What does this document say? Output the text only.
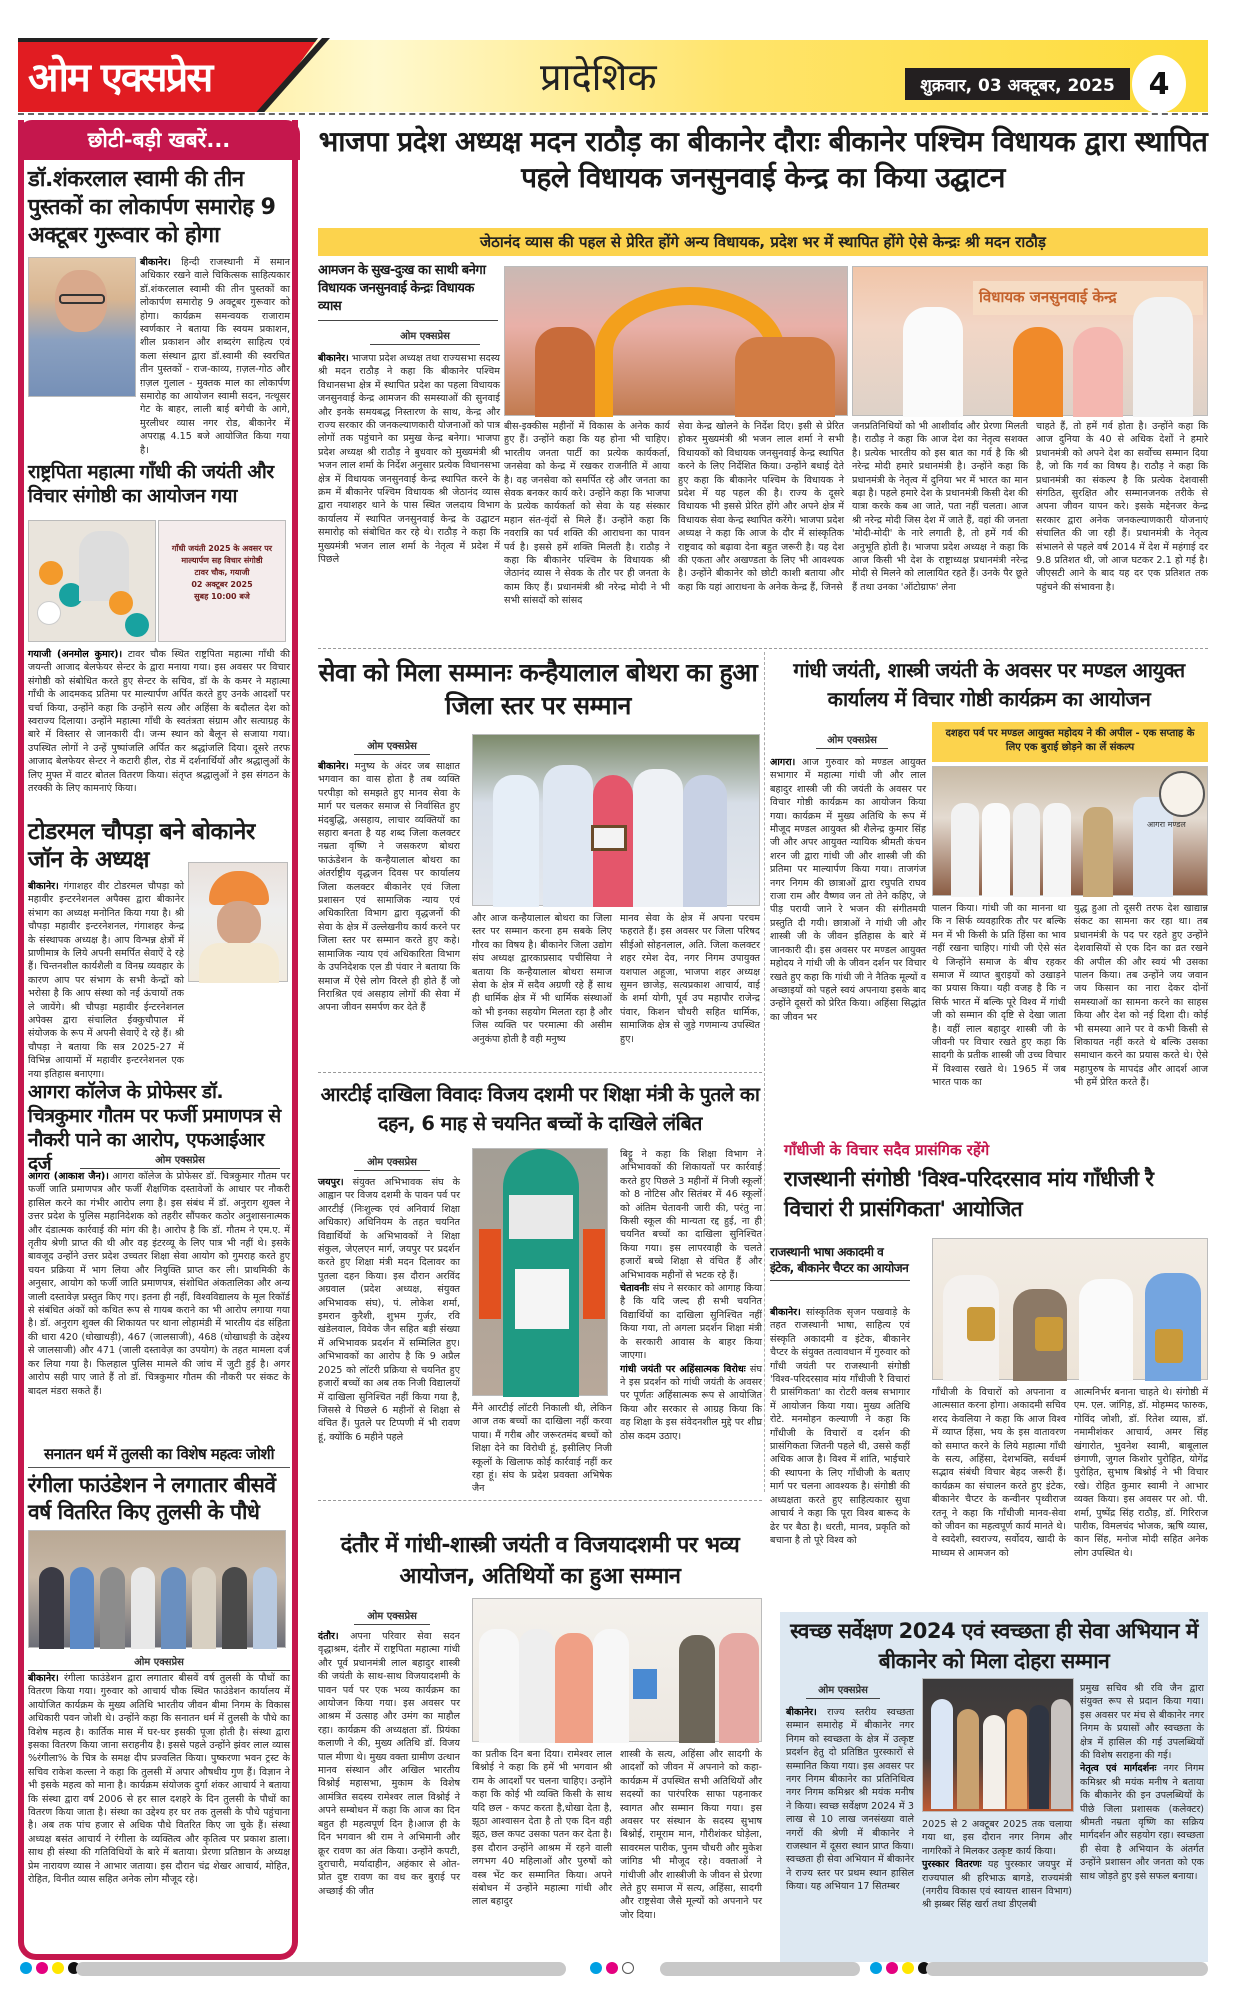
ओम एक्सप्रेस	प्रादेशिक	शुक्रवार, 03 अक्टूबर, 2025	4
छोटी-बड़ी खबरें...
डॉ.शंकरलाल स्वामी की तीन पुस्तकों का लोकार्पण समारोह 9 अक्टूबर गुरूवार को होगा
बीकानेर। हिन्दी राजस्थानी में समान अधिकार रखने वाले चिकित्सक साहित्यकार डॉ.शंकरलाल स्वामी की तीन पुस्तकों का लोकार्पण समारोह 9 अक्टूबर गुरूवार को होगा। कार्यक्रम समन्वयक राजाराम स्वर्णकार ने बताया कि स्वयम प्रकाशन, शील प्रकाशन और शब्दरंग साहित्य एवं कला संस्थान द्वारा डॉ.स्वामी की स्वरचित तीन पुस्तकों - राज-काव्य, ग़ज़ल-गोठ और ग़ज़ल गुलाल - मुक्तक माल का लोकार्पण समारोह का आयोजन स्वामी सदन, नत्थूसर गेट के बाहर, लाली बाई बगेची के आगे, मुरलीधर व्यास नगर रोड, बीकानेर में अपराह्न 4.15 बजे आयोजित किया गया है।
राष्ट्रपिता महात्मा गाँधी की जयंती और विचार संगोष्ठी का आयोजन गया
गाँधी जयंती 2025 के अवसर पर
माल्यार्पण सह विचार संगोष्ठी
टावर चौक, गयाजी
02 अक्टूबर 2025
सुबह 10:00 बजे
गयाजी (अनमोल कुमार)। टावर चौक स्थित राष्ट्रपिता महात्मा गाँधी की जयन्ती आजाद बेलफेयर सेन्टर के द्वारा मनाया गया। इस अवसर पर विचार संगोष्ठी को संबोधित करते हुए सेन्टर के सचिव, डॉ के के कमर ने महात्मा गाँधी के आदमकद प्रतिमा पर माल्यार्पण अर्पित करते हुए उनके आदर्शों पर चर्चा किया, उन्होंने कहा कि उन्होंने सत्य और अहिंसा के बदौलत देश को स्वराज्य दिलाया। उन्होंने महात्मा गाँधी के स्वतंत्रता संग्राम और सत्याग्रह के बारे में विस्तार से जानकारी दी। जन्म स्थान को बैलून से सजाया गया। उपस्थित लोगों ने उन्हें पुष्पांजलि अर्पित कर श्रद्धांजलि दिया। दूसरे तरफ आजाद बेलफेयर सेन्टर ने कटारी हील, रोड में दर्शनार्थियों और श्रद्धालुओं के लिए मुफ्त में वाटर बोतल वितरण किया। संतृप्त श्रद्धालुओं ने इस संगठन के तरक्की के लिए कामनाएं किया।
टोडरमल चौपड़ा बने बोकानेर जॉन के अध्यक्ष
बीकानेर। गंगाशहर वीर टोडरमल चौपड़ा को महावीर इन्टरनेशनल अपैक्स द्वारा बीकानेर संभाग का अध्यक्ष मनोनित किया गया है। श्री चौपड़ा महावीर इन्टरनेशनल, गंगाशहर केन्द्र के संस्थापक अध्यक्ष है। आप विन्भन्न क्षेत्रों में प्राणीमात्र के लिये अपनी समर्पित सेवाऐं दे रहे हैं। चिन्तनशील कार्यशैली व विनम्र व्यवहार के कारण आप पर संभाग के सभी केन्द्रों को भरोसा है कि आप संस्था को नई ऊंचायों तक ले जायेंगे। श्री चौपड़ा महावीर ईन्टरनेशनल अपेक्स द्वारा संचालित ईक्कुचौपाल में संयोजक के रूप में अपनी सेवाऐं दे रहे हैं। श्री चौपड़ा ने बताया कि सत्र 2025-27 में विभिन्न आयामों में महावीर इन्टरनेशनल एक नया इतिहास बनाएगा।
आगरा कॉलेज के प्रोफेसर डॉ. चित्रकुमार गौतम पर फर्जी प्रमाणपत्र से नौकरी पाने का आरोप, एफआईआर दर्ज	ओम एक्सप्रेस
आगरा (आकाश जैन)। आगरा कॉलेज के प्रोफेसर डॉ. चित्रकुमार गौतम पर फर्जी जाति प्रमाणपत्र और फर्जी शैक्षणिक दस्तावेजों के आधार पर नौकरी हासिल करने का गंभीर आरोप लगा है। इस संबंध में डॉ. अनुराग शुक्ल ने उत्तर प्रदेश के पुलिस महानिदेशक को तहरीर सौंपकर कठोर अनुशासनात्मक और दंडात्मक कार्रवाई की मांग की है। आरोप है कि डॉ. गौतम ने एम.ए. में तृतीय श्रेणी प्राप्त की थी और वह इंटरव्यू के लिए पात्र भी नहीं थे। इसके बावजूद उन्होंने उत्तर प्रदेश उच्चतर शिक्षा सेवा आयोग को गुमराह करते हुए चयन प्रक्रिया में भाग लिया और नियुक्ति प्राप्त कर ली। प्राथमिकी के अनुसार, आयोग को फर्जी जाति प्रमाणपत्र, संशोधित अंकतालिका और अन्य जाली दस्तावेज़ प्रस्तुत किए गए। इतना ही नहीं, विश्वविद्यालय के मूल रिकॉर्ड से संबंधित अंकों को कथित रूप से गायब कराने का भी आरोप लगाया गया है। डॉ. अनुराग शुक्ल की शिकायत पर थाना लोहामंडी में भारतीय दंड संहिता की धारा 420 (धोखाधड़ी), 467 (जालसाजी), 468 (धोखाधड़ी के उद्देश्य से जालसाजी) और 471 (जाली दस्तावेज़ का उपयोग) के तहत मामला दर्ज कर लिया गया है। फिलहाल पुलिस मामले की जांच में जुटी हुई है। अगर आरोप सही पाए जाते हैं तो डॉ. चित्रकुमार गौतम की नौकरी पर संकट के बादल मंडरा सकते हैं।
सनातन धर्म में तुलसी का विशेष महत्वः जोशी
रंगीला फाउंडेशन ने लगातार बीसवें वर्ष वितरित किए तुलसी के पौधे
ओम एक्सप्रेस
बीकानेर। रंगीला फाउंडेशन द्वारा लगातार बीसवें वर्ष तुलसी के पौधों का वितरण किया गया। गुरुवार को आचार्य चौक स्थित फाउंडेशन कार्यालय में आयोजित कार्यक्रम के मुख्य अतिथि भारतीय जीवन बीमा निगम के विकास अधिकारी पवन जोशी थे। उन्होंने कहा कि सनातन धर्म में तुलसी के पौधे का विशेष महत्व है। कार्तिक मास में घर-घर इसकी पूजा होती है। संस्था द्वारा इसका वितरण किया जाना सराहनीय है। इससे पहले उन्होंने झंवर लाल व्यास %रंगीला% के चित्र के समक्ष दीप प्रज्वलित किया। पुष्करणा भवन ट्रस्ट के सचिव राकेश कल्ला ने कहा कि तुलसी में अपार औषधीय गुण हैं। विज्ञान ने भी इसके महत्व को माना है। कार्यक्रम संयोजक दुर्गा शंकर आचार्य ने बताया कि संस्था द्वारा वर्ष 2006 से हर साल दशहरे के दिन तुलसी के पौधों का वितरण किया जाता है। संस्था का उद्देश्य हर घर तक तुलसी के पौधे पहुंचाना है। अब तक पांच हजार से अधिक पौधे वितरित किए जा चुके हैं। संस्था अध्यक्ष बसंत आचार्य ने रंगीला के व्यक्तित्व और कृतित्व पर प्रकाश डाला। साथ ही संस्था की गतिविधियों के बारे में बताया। प्रेरणा प्रतिष्ठान के अध्यक्ष प्रेम नारायण व्यास ने आभार जताया। इस दौरान चंद्र शेखर आचार्य, मोहित, रोहित, विनीत व्यास सहित अनेक लोग मौजूद रहे।
भाजपा प्रदेश अध्यक्ष मदन राठौड़ का बीकानेर दौराः बीकानेर पश्चिम विधायक द्वारा स्थापित पहले विधायक जनसुनवाई केन्द्र का किया उद्घाटन
जेठानंद व्यास की पहल से प्रेरित होंगे अन्य विधायक, प्रदेश भर में स्थापित होंगे ऐसे केन्द्रः श्री मदन राठौड़
आमजन के सुख-दुःख का साथी बनेगा विधायक जनसुनवाई केन्द्रः विधायक व्यास
ओम एक्सप्रेस
बीकानेर। भाजपा प्रदेश अध्यक्ष तथा राज्यसभा सदस्य श्री मदन राठौड़ ने कहा कि बीकानेर पश्चिम विधानसभा क्षेत्र में स्थापित प्रदेश का पहला विधायक जनसुनवाई केन्द्र आमजन की समस्याओं की सुनवाई और इनके समयबद्ध निस्तारण के साथ, केन्द्र और राज्य सरकार की जनकल्याणकारी योजनाओं को पात्र लोगों तक पहुंचाने का प्रमुख केन्द्र बनेगा। भाजपा प्रदेश अध्यक्ष श्री राठौड़ ने बुधवार को मुख्यमंत्री श्री भजन लाल शर्मा के निर्देश अनुसार प्रत्येक विधानसभा क्षेत्र में विधायक जनसुनवाई केन्द्र स्थापित करने के क्रम में बीकानेर पश्चिम विधायक श्री जेठानंद व्यास द्वारा नयाशहर थाने के पास स्थित जलदाय विभाग कार्यालय में स्थापित जनसुनवाई केन्द्र के उद्घाटन समारोह को संबोधित कर रहे थे। राठौड़ ने कहा कि मुख्यमंत्री भजन लाल शर्मा के नेतृत्व में प्रदेश में पिछले
विधायक जनसुनवाई केन्द्र
बीस-इक्कीस महीनों में विकास के अनेक कार्य हुए हैं। उन्होंने कहा कि यह होना भी चाहिए। भारतीय जनता पार्टी का प्रत्येक कार्यकर्ता, जनसेवा को केन्द्र में रखकर राजनीति में आया है। वह जनसेवा को समर्पित रहे और जनता का सेवक बनकर कार्य करे। उन्होंने कहा कि भाजपा के प्रत्येक कार्यकर्ता को सेवा के यह संस्कार महान संत-वृंदों से मिले हैं। उन्होंने कहा कि नवरात्रि का पर्व शक्ति की आराधना का पावन पर्व है। इससे हमें शक्ति मिलती है। राठौड़ ने कहा कि बीकानेर पश्चिम के विधायक श्री जेठानंद व्यास ने सेवक के तौर पर ही जनता के काम किए हैं। प्रधानमंत्री श्री नरेन्द्र मोदी ने भी सभी सांसदों को सांसद
सेवा केन्द्र खोलने के निर्देश दिए। इसी से प्रेरित होकर मुख्यमंत्री श्री भजन लाल शर्मा ने सभी विधायकों को विधायक जनसुनवाई केन्द्र स्थापित करने के लिए निर्देशित किया। उन्होंने बधाई देते हुए कहा कि बीकानेर पश्चिम के विधायक ने प्रदेश में यह पहल की है। राज्य के दूसरे विधायक भी इससे प्रेरित होंगे और अपने क्षेत्र में विधायक सेवा केन्द्र स्थापित करेंगे। भाजपा प्रदेश अध्यक्ष ने कहा कि आज के दौर में सांस्कृतिक राष्ट्रवाद को बढ़ावा देना बहुत जरूरी है। यह देश की एकता और अखण्डता के लिए भी आवश्यक है। उन्होंने बीकानेर को छोटी काशी बताया और कहा कि यहां आराधना के अनेक केन्द्र हैं, जिनसे
जनप्रतिनिधियों को भी आशीर्वाद और प्रेरणा मिलती है। राठौड़ ने कहा कि आज देश का नेतृत्व सशक्त है। प्रत्येक भारतीय को इस बात का गर्व है कि श्री नरेन्द्र मोदी हमारे प्रधानमंत्री है। उन्होंने कहा कि प्रधानमंत्री के नेतृत्व में दुनिया भर में भारत का मान बढ़ा है। पहले हमारे देश के प्रधानमंत्री किसी देश की यात्रा करके कब आ जाते, पता नहीं चलता। आज श्री नरेन्द्र मोदी जिस देश में जाते हैं, वहां की जनता 'मोदी-मोदी' के नारे लगाती है, तो हमें गर्व की अनुभूति होती है। भाजपा प्रदेश अध्यक्ष ने कहा कि आज किसी भी देश के राष्ट्राध्यक्ष प्रधानमंत्री नरेन्द्र मोदी से मिलने को लालायित रहते हैं। उनके पैर छूते हैं तथा उनका 'ऑटोग्राफ' लेना
चाहते हैं, तो हमें गर्व होता है। उन्होंने कहा कि आज दुनिया के 40 से अधिक देशों ने हमारे प्रधानमंत्री को अपने देश का सर्वोच्च सम्मान दिया है, जो कि गर्व का विषय है। राठौड़ ने कहा कि प्रधानमंत्री का संकल्प है कि प्रत्येक देशवासी संगठित, सुरक्षित और सम्मानजनक तरीके से अपना जीवन यापन करे। इसके मद्देनजर केन्द्र सरकार द्वारा अनेक जनकल्याणकारी योजनाएं संचालित की जा रही हैं। प्रधानमंत्री के नेतृत्व संभालने से पहले वर्ष 2014 में देश में महंगाई दर 9.8 प्रतिशत थी, जो आज घटकर 2.1 हो गई है। जीएसटी आने के बाद यह दर एक प्रतिशत तक पहुंचने की संभावना है।
सेवा को मिला सम्मानः कन्हैयालाल बोथरा का हुआ जिला स्तर पर सम्मान
ओम एक्सप्रेस
बीकानेर। मनुष्य के अंदर जब साक्षात भगवान का वास होता है तब व्यक्ति परपीड़ा को समझते हुए मानव सेवा के मार्ग पर चलकर समाज से निर्वासित हुए मंदबुद्धि, असहाय, लाचार व्यक्तियों का सहारा बनता है यह शब्द जिला कलक्टर नम्रता वृष्णि ने जसकरण बोथरा फाऊंडेशन के कन्हैयालाल बोथरा का अंतर्राष्ट्रीय वृद्धजन दिवस पर कार्यालय जिला कलक्टर बीकानेर एवं जिला प्रशासन एवं सामाजिक न्याय एवं अधिकारिता विभाग द्वारा वृद्धजनों की सेवा के क्षेत्र में उल्लेखनीय कार्य करने पर जिला स्तर पर सम्मान करते हुए कहे। सामाजिक न्याय एवं अधिकारिता विभाग के उपनिदेशक एल डी पंवार ने बताया कि समाज में ऐसे लोग विरले ही होते हैं जो निराश्रित एवं असहाय लोगों की सेवा में अपना जीवन समर्पण कर देते हैं
और आज कन्हैयालाल बोथरा का जिला स्तर पर सम्मान करना हम सबके लिए गौरव का विषय है। बीकानेर जिला उद्योग संघ अध्यक्ष द्वारकाप्रसाद पचीसिया ने बताया कि कन्हैयालाल बोथरा समाज सेवा के क्षेत्र में सदैव अग्रणी रहे हैं साथ ही धार्मिक क्षेत्र में भी धार्मिक संस्थाओं को भी इनका सहयोग मिलता रहा है और जिस व्यक्ति पर परमात्मा की असीम अनुकंपा होती है वही मनुष्य
मानव सेवा के क्षेत्र में अपना परचम फहराते हैं। इस अवसर पर जिला परिषद सीईओ सोहनलाल, अति. जिला कलक्टर शहर रमेश देव, नगर निगम उपायुक्त यशपाल अहूजा, भाजपा शहर अध्यक्ष सुमन छाजेड़, सत्यप्रकाश आचार्य, वाई के शर्मा योगी, पूर्व उप महापौर राजेन्द्र पंवार, किशन चौधरी सहित धार्मिक, सामाजिक क्षेत्र से जुड़े गणमान्य उपस्थित हुए।
गांधी जयंती, शास्त्री जयंती के अवसर पर मण्डल आयुक्त कार्यालय में विचार गोष्ठी कार्यक्रम का आयोजन
ओम एक्सप्रेस
दशहरा पर्व पर मण्डल आयुक्त महोदय ने की अपील - एक सप्ताह के लिए एक बुराई छोड़ने का लें संकल्प
आगरा। आज गुरुवार को मण्डल आयुक्त सभागार में महात्मा गांधी जी और लाल बहादुर शास्त्री जी की जयंती के अवसर पर विचार गोष्ठी कार्यक्रम का आयोजन किया गया। कार्यक्रम में मुख्य अतिथि के रूप में मौजूद मण्डल आयुक्त श्री शैलेन्द्र कुमार सिंह जी और अपर आयुक्त न्यायिक श्रीमती कंचन शरन जी द्वारा गांधी जी और शास्त्री जी की प्रतिमा पर माल्यार्पण किया गया। ताजगंज नगर निगम की छात्राओं द्वारा रघुपति राघव राजा राम और वैष्णव जन तो तेने कहिए, जे पीड़ परायी जाने रे भजन की संगीतमयी प्रस्तुति दी गयी। छात्राओं ने गांधी जी और शास्त्री जी के जीवन इतिहास के बारे में जानकारी दी। इस अवसर पर मण्डल आयुक्त महोदय ने गांधी जी के जीवन दर्शन पर विचार रखते हुए कहा कि गांधी जी ने नैतिक मूल्यों व अच्छाइयों को पहले स्वयं अपनाया इसके बाद उन्होंने दूसरों को प्रेरित किया। अहिंसा सिद्धांत का जीवन भर
आगरा मण्डल
पालन किया। गांधी जी का मानना था कि न सिर्फ व्यवहारिक तौर पर बल्कि मन में भी किसी के प्रति हिंसा का भाव नहीं रखना चाहिए। गांधी जी ऐसे संत थे जिन्होंने समाज के बीच रहकर समाज में व्याप्त बुराइयों को उखाड़ने का प्रयास किया। यही वजह है कि न सिर्फ भारत में बल्कि पूरे विश्व में गांधी जी को सम्मान की दृष्टि से देखा जाता है। वहीं लाल बहादुर शास्त्री जी के जीवनी पर विचार रखते हुए कहा कि सादगी के प्रतीक शास्त्री जी उच्च विचार में विश्वास रखते थे। 1965 में जब भारत पाक का
युद्ध हुआ तो दूसरी तरफ देश खाद्यान्न संकट का सामना कर रहा था। तब प्रधानमंत्री के पद पर रहते हुए उन्होंने देशवासियों से एक दिन का व्रत रखने की अपील की और स्वयं भी उसका पालन किया। तब उन्होंने जय जवान जय किसान का नारा देकर दोनों समस्याओं का सामना करने का साहस किया और देश को नई दिशा दी। कोई भी समस्या आने पर वे कभी किसी से शिकायत नहीं करते थे बल्कि उसका समाधान करने का प्रयास करते थे। ऐसे महापुरुष के मापदंड और आदर्श आज भी हमें प्रेरित करते हैं।
आरटीई दाखिला विवादः विजय दशमी पर शिक्षा मंत्री के पुतले का दहन, 6 माह से चयनित बच्चों के दाखिले लंबित
ओम एक्सप्रेस
जयपुर। संयुक्त अभिभावक संघ के आह्वान पर विजय दशमी के पावन पर्व पर आरटीई (निःशुल्क एवं अनिवार्य शिक्षा अधिकार) अधिनियम के तहत चयनित विद्यार्थियों के अभिभावकों ने शिक्षा संकुल, जेएलएन मार्ग, जयपुर पर प्रदर्शन करते हुए शिक्षा मंत्री मदन दिलावर का पुतला दहन किया। इस दौरान अरविंद अग्रवाल (प्रदेश अध्यक्ष, संयुक्त अभिभावक संघ), पं. लोकेश शर्मा, इमरान कुरैशी, शुभम गुर्जर, रवि खंडेलवाल, विवेक जैन सहित बड़ी संख्या में अभिभावक प्रदर्शन में सम्मिलित हुए। अभिभावकों का आरोप है कि 9 अप्रैल 2025 को लॉटरी प्रक्रिया से चयनित हुए हजारों बच्चों का अब तक निजी विद्यालयों में दाखिला सुनिश्चित नहीं किया गया है, जिससे वे पिछले 6 महीनों से शिक्षा से वंचित हैं। पुतले पर टिप्पणी में भी रावण हूं, क्योंकि 6 महीने पहले
मैंने आरटीई लॉटरी निकाली थी, लेकिन आज तक बच्चों का दाखिला नहीं करवा पाया। मैं गरीब और जरूरतमंद बच्चों को शिक्षा देने का विरोधी हूं, इसीलिए निजी स्कूलों के खिलाफ कोई कार्रवाई नहीं कर रहा हूं। संघ के प्रदेश प्रवक्ता अभिषेक जैन
बिट्टू ने कहा कि शिक्षा विभाग ने अभिभावकों की शिकायतों पर कार्रवाई करते हुए पिछले 3 महीनों में निजी स्कूलों को 8 नोटिस और सितंबर में 46 स्कूलों को अंतिम चेतावनी जारी की, परंतु ना किसी स्कूल की मान्यता रद्द हुई, ना ही चयनित बच्चों का दाखिला सुनिश्चित किया गया। इस लापरवाही के चलते हजारों बच्चे शिक्षा से वंचित हैं और अभिभावक महीनों से भटक रहे हैं।
चेतावनीः संघ ने सरकार को आगाह किया है कि यदि जल्द ही सभी चयनित विद्यार्थियों का दाखिला सुनिश्चित नहीं किया गया, तो अगला प्रदर्शन शिक्षा मंत्री के सरकारी आवास के बाहर किया जाएगा।
गांधी जयंती पर अहिंसात्मक विरोधः संघ ने इस प्रदर्शन को गांधी जयंती के अवसर पर पूर्णतः अहिंसात्मक रूप से आयोजित किया और सरकार से आग्रह किया कि वह शिक्षा के इस संवेदनशील मुद्दे पर शीघ्र ठोस कदम उठाए।
गाँधीजी के विचार सदैव प्रासंगिक रहेंगे
राजस्थानी संगोष्ठी 'विश्व-परिदरसाव मांय गाँधीजी रै विचारां री प्रासंगिकता' आयोजित
राजस्थानी भाषा अकादमी व इंटेक, बीकानेर चैप्टर का आयोजन
बीकानेर। सांस्कृतिक सृजन पखवाड़े के तहत राजस्थानी भाषा, साहित्य एवं संस्कृति अकादमी व इंटेक, बीकानेर चैप्टर के संयुक्त तत्वावधान में गुरुवार को गाँधी जयंती पर राजस्थानी संगोष्ठी 'विश्व-परिदरसाव मांय गाँधीजी रै विचारां री प्रासंगिकता' का रोटरी क्लब सभागार में आयोजन किया गया। मुख्य अतिथि रोटे. मनमोहन कल्याणी ने कहा कि गाँधीजी के विचारों व दर्शन की प्रासंगिकता जितनी पहले थी, उससे कहीं अधिक आज है। विश्व में शांति, भाईचारे की स्थापना के लिए गाँधीजी के बताए मार्ग पर चलना आवश्यक है। संगोष्ठी की अध्यक्षता करते हुए साहित्यकार सुधा आचार्य ने कहा कि पूरा विश्व बारूद के ढेर पर बैठा है। धरती, मानव, प्रकृति को बचाना है तो पूरे विश्व को
गाँधीजी के विचारों को अपनाना व आत्मसात करना होगा। अकादमी सचिव शरद केवलिया ने कहा कि आज विश्व में व्याप्त हिंसा, भय के इस वातावरण को समाप्त करने के लिये महात्मा गाँधी के सत्य, अहिंसा, देशभक्ति, सर्वधर्म सद्भाव संबंधी विचार बेहद जरूरी हैं। कार्यक्रम का संचालन करते हुए इंटेक, बीकानेर चैप्टर के कन्वीनर पृथ्वीराज रतनू ने कहा कि गाँधीजी मानव-सेवा को जीवन का महत्वपूर्ण कार्य मानते थे। वे स्वदेशी, स्वराज्य, सर्वोदय, खादी के माध्यम से आमजन को
आत्मनिर्भर बनाना चाहते थे। संगोष्ठी में एम. एल. जांगिड़, डॉ. मोहम्मद फारुक, गोविंद जोशी, डॉ. रितेश व्यास, डॉ. नमामीशंकर आचार्य, अमर सिंह खंगारोत, भुवनेश स्वामी, बाबूलाल छंगाणी, जुगल किशोर पुरोहित, योगेंद्र पुरोहित, सुभाष बिश्नोई ने भी विचार रखे। रोहित कुमार स्वामी ने आभार व्यक्त किया। इस अवसर पर ओ. पी. शर्मा, पुष्पेंद्र सिंह राठौड़, डॉ. गिरिराज पारीक, विमलचंद भोजक, ऋषि व्यास, कान सिंह, मनोज मोदी सहित अनेक लोग उपस्थित थे।
दंतौर में गांधी-शास्त्री जयंती व विजयादशमी पर भव्य आयोजन, अतिथियों का हुआ सम्मान
ओम एक्सप्रेस
दंतौर। अपना परिवार सेवा सदन वृद्धाश्रम, दंतौर में राष्ट्रपिता महात्मा गांधी और पूर्व प्रधानमंत्री लाल बहादुर शास्त्री की जयंती के साथ-साथ विजयादशमी के पावन पर्व पर एक भव्य कार्यक्रम का आयोजन किया गया। इस अवसर पर आश्रम में उत्साह और उमंग का माहौल रहा। कार्यक्रम की अध्यक्षता डॉ. प्रियंका कलाणी ने की, मुख्य अतिथि डॉ. विजय पाल मीणा थे। मुख्य वक्ता ग्रामीण उत्थान मानव संस्थान और अखिल भारतीय विश्नोई महासभा, मुकाम के विशेष आमंत्रित सदस्य रामेश्वर लाल विश्नोई ने अपने सम्बोधन में कहा कि आज का दिन बहुत ही महत्वपूर्ण दिन है।आज ही के दिन भगवान श्री राम ने अभिमानी और क्रूर रावण का अंत किया। उन्होंने कपटी, दुराचारी, मर्यादाहीन, अहंकार से ओत-प्रोत दुष्ट रावण का वध कर बुराई पर अच्छाई की जीत
का प्रतीक दिन बना दिया। रामेश्वर लाल बिश्नोई ने कहा कि हमें भी भगवान श्री राम के आदर्शों पर चलना चाहिए। उन्होंने कहा कि कोई भी व्यक्ति किसी के साथ यदि छल - कपट करता है,धोखा देता है, झूठा आश्वासन देता है तो एक दिन वही झूठ, छल कपट उसका पतन कर देता है। इस दौरान उन्होंने आश्रम में रहने वाली लगभग 40 महिलाओं और पुरुषों को वस्त्र भेंट कर सम्मानित किया। अपने संबोधन में उन्होंने महात्मा गांधी और लाल बहादुर
शास्त्री के सत्य, अहिंसा और सादगी के आदर्शों को जीवन में अपनाने को कहा- कार्यक्रम में उपस्थित सभी अतिथियों और सदस्यों का पारंपरिक साफा पहनाकर स्वागत और सम्मान किया गया। इस अवसर पर संस्थान के सदस्य सुभाष बिश्नोई, रामूराम मान, गौरीशंकर घोड़ेला, सावरमल पारीक, पुनम चौधरी और मुकेश जांगिड भी मौजूद रहे। वक्ताओं ने गांधीजी और शास्त्रीजी के जीवन से प्रेरणा लेते हुए समाज में सत्य, अहिंसा, सादगी और राष्ट्रसेवा जैसे मूल्यों को अपनाने पर जोर दिया।
स्वच्छ सर्वेक्षण 2024 एवं स्वच्छता ही सेवा अभियान में बीकानेर को मिला दोहरा सम्मान
ओम एक्सप्रेस
बीकानेर। राज्य स्तरीय स्वच्छता सम्मान समारोह में बीकानेर नगर निगम को स्वच्छता के क्षेत्र में उत्कृष्ट प्रदर्शन हेतु दो प्रतिष्ठित पुरस्कारों से सम्मानित किया गया। इस अवसर पर नगर निगम बीकानेर का प्रतिनिधित्व नगर निगम कमिश्नर श्री मयंक मनीष ने किया। स्वच्छ सर्वेक्षण 2024 में 3 लाख से 10 लाख जनसंख्या वाले नगरों की श्रेणी में बीकानेर ने राजस्थान में दूसरा स्थान प्राप्त किया। स्वच्छता ही सेवा अभियान में बीकानेर ने राज्य स्तर पर प्रथम स्थान हासिल किया। यह अभियान 17 सितम्बर
2025 से 2 अक्टूबर 2025 तक चलाया गया था, इस दौरान नगर निगम और नागरिकों ने मिलकर उत्कृष्ट कार्य किया।
पुरस्कार वितरणः यह पुरस्कार जयपुर में राज्यपाल श्री हरिभाऊ बागडे, राज्यमंत्री (नगरीय विकास एवं स्वायत्त शासन विभाग) श्री झब्बर सिंह खर्रा तथा डीएलबी
प्रमुख सचिव श्री रवि जैन द्वारा संयुक्त रूप से प्रदान किया गया। इस अवसर पर मंच से बीकानेर नगर निगम के प्रयासों और स्वच्छता के क्षेत्र में हासिल की गई उपलब्धियों की विशेष सराहना की गई।
नेतृत्व एवं मार्गदर्शनः नगर निगम कमिश्नर श्री मयंक मनीष ने बताया कि बीकानेर की इन उपलब्धियों के पीछे जिला प्रशासक (कलेक्टर) श्रीमती नम्रता वृष्णि का सक्रिय मार्गदर्शन और सहयोग रहा। स्वच्छता ही सेवा है अभियान के अंतर्गत उन्होंने प्रशासन और जनता को एक साथ जोड़ते हुए इसे सफल बनाया।
